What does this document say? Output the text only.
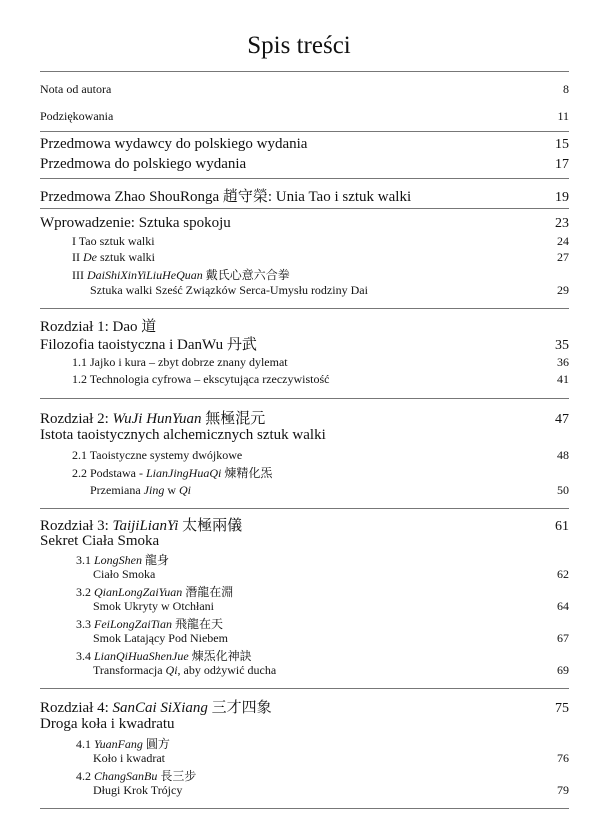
Spis treści
Nota od autora	8
Podziękowania	11
Przedmowa wydawcy do polskiego wydania	15
Przedmowa do polskiego wydania	17
Przedmowa Zhao ShouRonga 趙守榮: Unia Tao i sztuk walki	19
Wprowadzenie: Sztuka spokoju	23
I Tao sztuk walki	24
II De sztuk walki	27
III DaiShiXinYiLiuHeQuan 戴氏心意六合拳
Sztuka walki Sześć Związków Serca-Umysłu rodziny Dai	29
Rozdział 1: Dao 道
Filozofia taoistyczna i DanWu 丹武	35
1.1 Jajko i kura – zbyt dobrze znany dylemat	36
1.2 Technologia cyfrowa – ekscytująca rzeczywistość	41
Rozdział 2: WuJi HunYuan 無極混元	47
Istota taoistycznych alchemicznych sztuk walki
2.1 Taoistyczne systemy dwójkowe	48
2.2 Podstawa - LianJingHuaQi 煉精化炁
Przemiana Jing w Qi	50
Rozdział 3: TaijiLianYi 太極兩儀	61
Sekret Ciała Smoka
3.1 LongShen 龍身
Ciało Smoka	62
3.2 QianLongZaiYuan 潛龍在淵
Smok Ukryty w Otchłani	64
3.3 FeiLongZaiTian 飛龍在天
Smok Latający Pod Niebem	67
3.4 LianQiHuaShenJue 煉炁化神訣
Transformacja Qi, aby odżywić ducha	69
Rozdział 4: SanCai SiXiang 三才四象	75
Droga koła i kwadratu
4.1 YuanFang 圓方
Koło i kwadrat	76
4.2 ChangSanBu 長三步
Długi Krok Trójcy	79
